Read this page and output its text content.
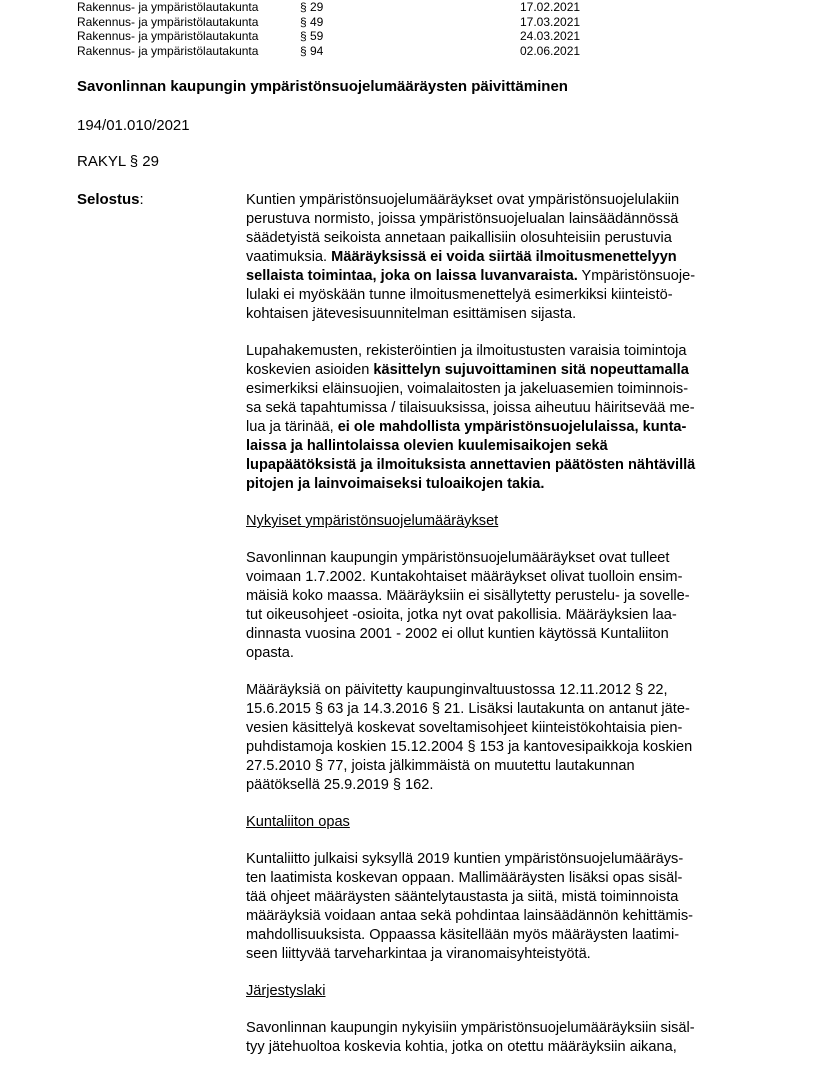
Rakennus- ja ympäristölautakunta	§ 29	17.02.2021
Rakennus- ja ympäristölautakunta	§ 49	17.03.2021
Rakennus- ja ympäristölautakunta	§ 59	24.03.2021
Rakennus- ja ympäristölautakunta	§ 94	02.06.2021
Savonlinnan kaupungin ympäristönsuojelumääräysten päivittäminen
194/01.010/2021
RAKYL § 29
Selostus:	Kuntien ympäristönsuojelumääräykset ovat ympäristönsuojelulakiin
perustuva normisto, joissa ympäristönsuojelualan lainsäädännössä
säädetyistä seikoista annetaan paikallisiin olosuhteisiin perustuvia
vaatimuksia. Määräyksissä ei voida siirtää ilmoitusmenettelyyn
sellaista toimintaa, joka on laissa luvanvaraista. Ympäristönsuoje-
lulaki ei myöskään tunne ilmoitusmenettelyä esimerkiksi kiinteistö-
kohtaisen jätevesisuunnitelman esittämisen sijasta.

Lupahakemusten, rekisteröintien ja ilmoitustusten varaisia toimintoja
koskevien asioiden käsittelyn sujuvoittaminen sitä nopeuttamalla
esimerkiksi eläinsuojien, voimalaitosten ja jakeluasemien toiminnois-
sa sekä tapahtumissa / tilaisuuksissa, joissa aiheutuu häiritsevää me-
lua ja tärinää, ei ole mahdollista ympäristönsuojelulaissa, kunta-
laissa ja hallintolaissa olevien kuulemisaikojen sekä
lupapäätöksistä ja ilmoituksista annettavien päätösten nähtävillä
pitojen ja lainvoimaiseksi tuloaikojen takia.

Nykyiset ympäristönsuojelumääräykset

Savonlinnan kaupungin ympäristönsuojelumääräykset ovat tulleet
voimaan 1.7.2002. Kuntakohtaiset määräykset olivat tuolloin ensim-
mäisiä koko maassa. Määräyksiin ei sisällytetty perustelu- ja sovelle-
tut oikeusohjeet -osioita, jotka nyt ovat pakollisia. Määräyksien laa-
dinnasta vuosina 2001 - 2002 ei ollut kuntien käytössä Kuntaliiton
opasta.

Määräyksiä on päivitetty kaupunginvaltuustossa 12.11.2012 § 22,
15.6.2015 § 63 ja 14.3.2016 § 21. Lisäksi lautakunta on antanut jäte-
vesien käsittelyä koskevat soveltamisohjeet kiinteistökohtaisia pien-
puhdistamoja koskien 15.12.2004 § 153 ja kantovesipaikkoja koskien
27.5.2010 § 77, joista jälkimmäistä on muutettu lautakunnan
päätöksellä 25.9.2019 § 162.

Kuntaliiton opas

Kuntaliitto julkaisi syksyllä 2019 kuntien ympäristönsuojelumääräys-
ten laatimista koskevan oppaan. Mallimääräysten lisäksi opas sisäl-
tää ohjeet määräysten sääntelytaustasta ja siitä, mistä toiminnoista
määräyksiä voidaan antaa sekä pohdintaa lainsäädännön kehittämis-
mahdollisuuksista. Oppaassa käsitellään myös määräysten laatimi-
seen liittyvää tarveharkintaa ja viranomaisyhteistyötä.

Järjestyslaki

Savonlinnan kaupungin nykyisiin ympäristönsuojelumääräyksiin sisäl-
tyy jätehuoltoa koskevia kohtia, jotka on otettu määräyksiin aikana,
